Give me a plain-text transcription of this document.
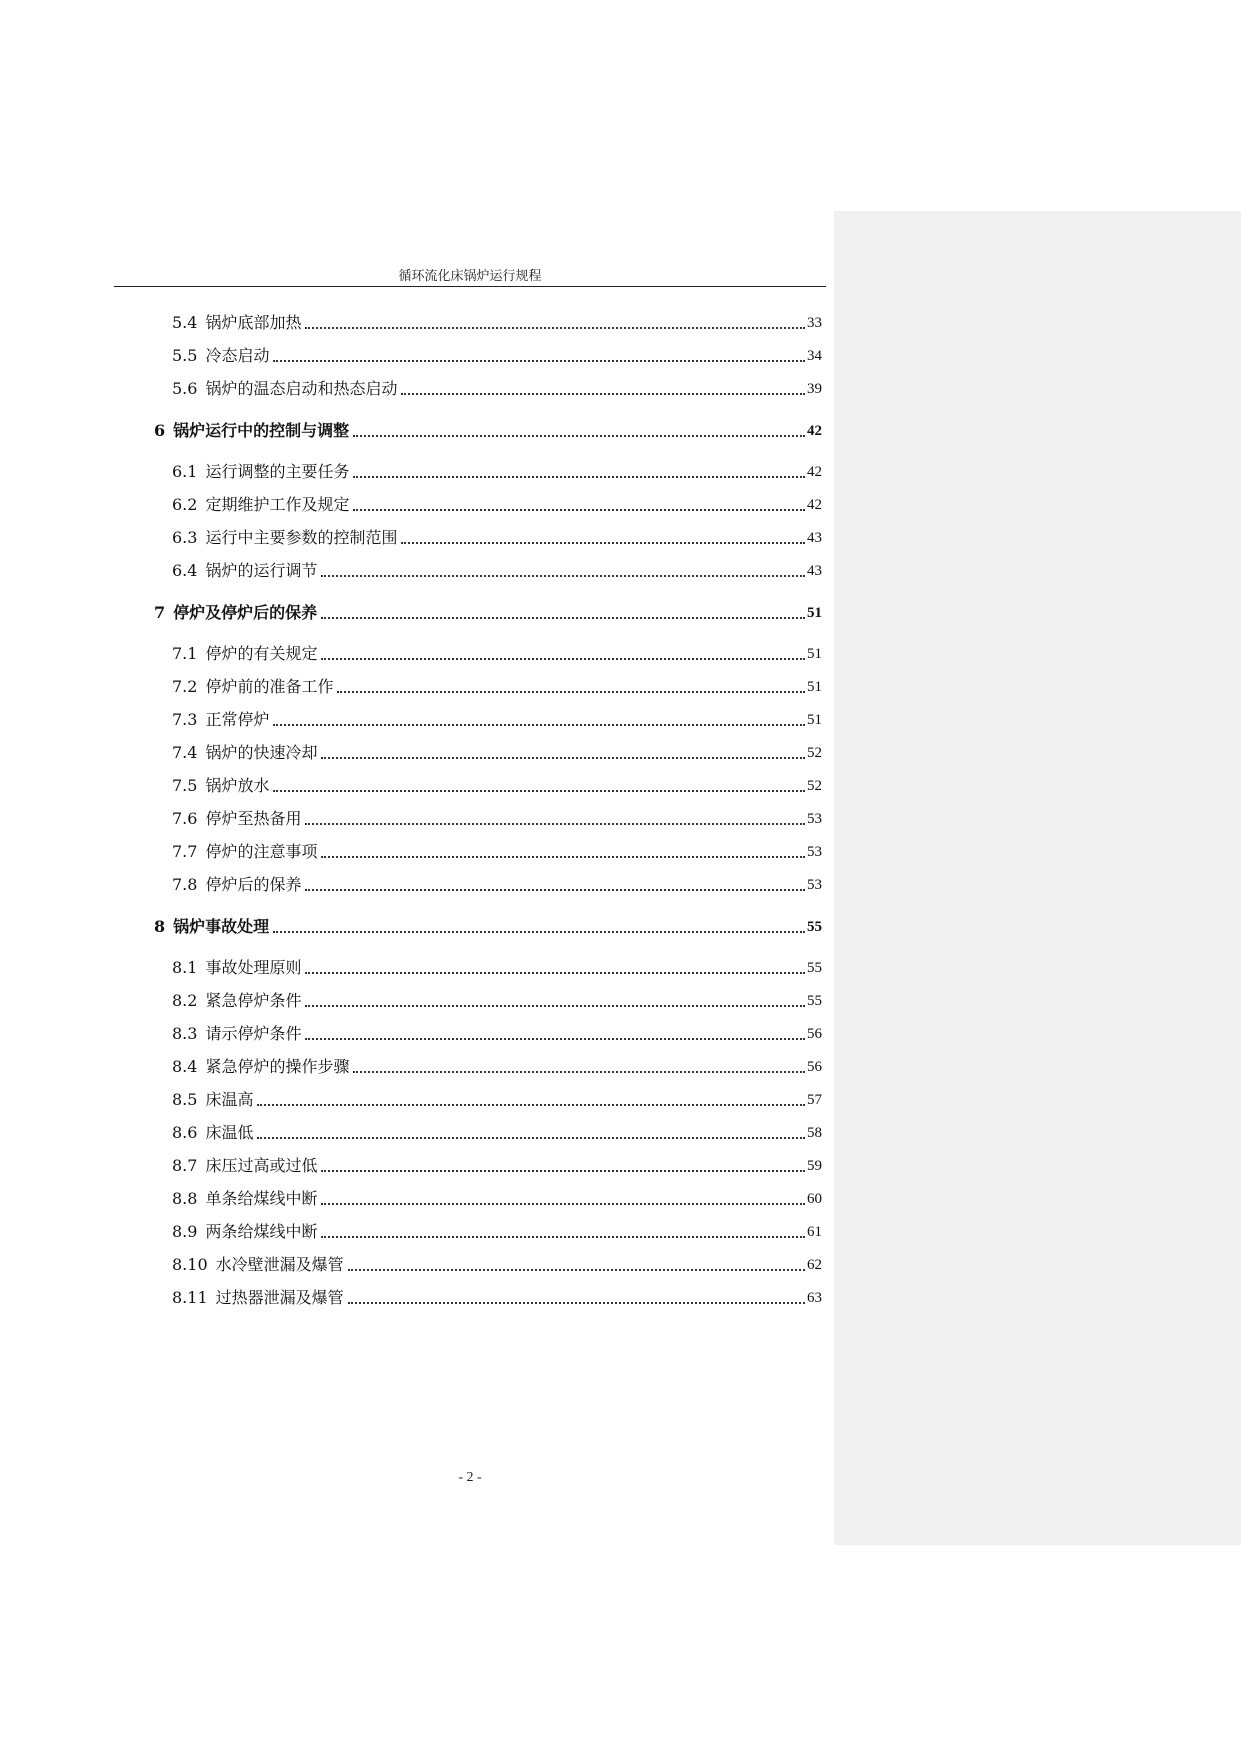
循环流化床锅炉运行规程
5.4 锅炉底部加热	33
5.5 冷态启动	34
5.6 锅炉的温态启动和热态启动	39
6 锅炉运行中的控制与调整	42
6.1 运行调整的主要任务	42
6.2 定期维护工作及规定	42
6.3 运行中主要参数的控制范围	43
6.4 锅炉的运行调节	43
7 停炉及停炉后的保养	51
7.1 停炉的有关规定	51
7.2 停炉前的准备工作	51
7.3 正常停炉	51
7.4 锅炉的快速冷却	52
7.5 锅炉放水	52
7.6 停炉至热备用	53
7.7 停炉的注意事项	53
7.8 停炉后的保养	53
8 锅炉事故处理	55
8.1 事故处理原则	55
8.2 紧急停炉条件	55
8.3 请示停炉条件	56
8.4 紧急停炉的操作步骤	56
8.5 床温高	57
8.6 床温低	58
8.7 床压过高或过低	59
8.8 单条给煤线中断	60
8.9 两条给煤线中断	61
8.10 水冷壁泄漏及爆管	62
8.11 过热器泄漏及爆管	63
- 2 -
